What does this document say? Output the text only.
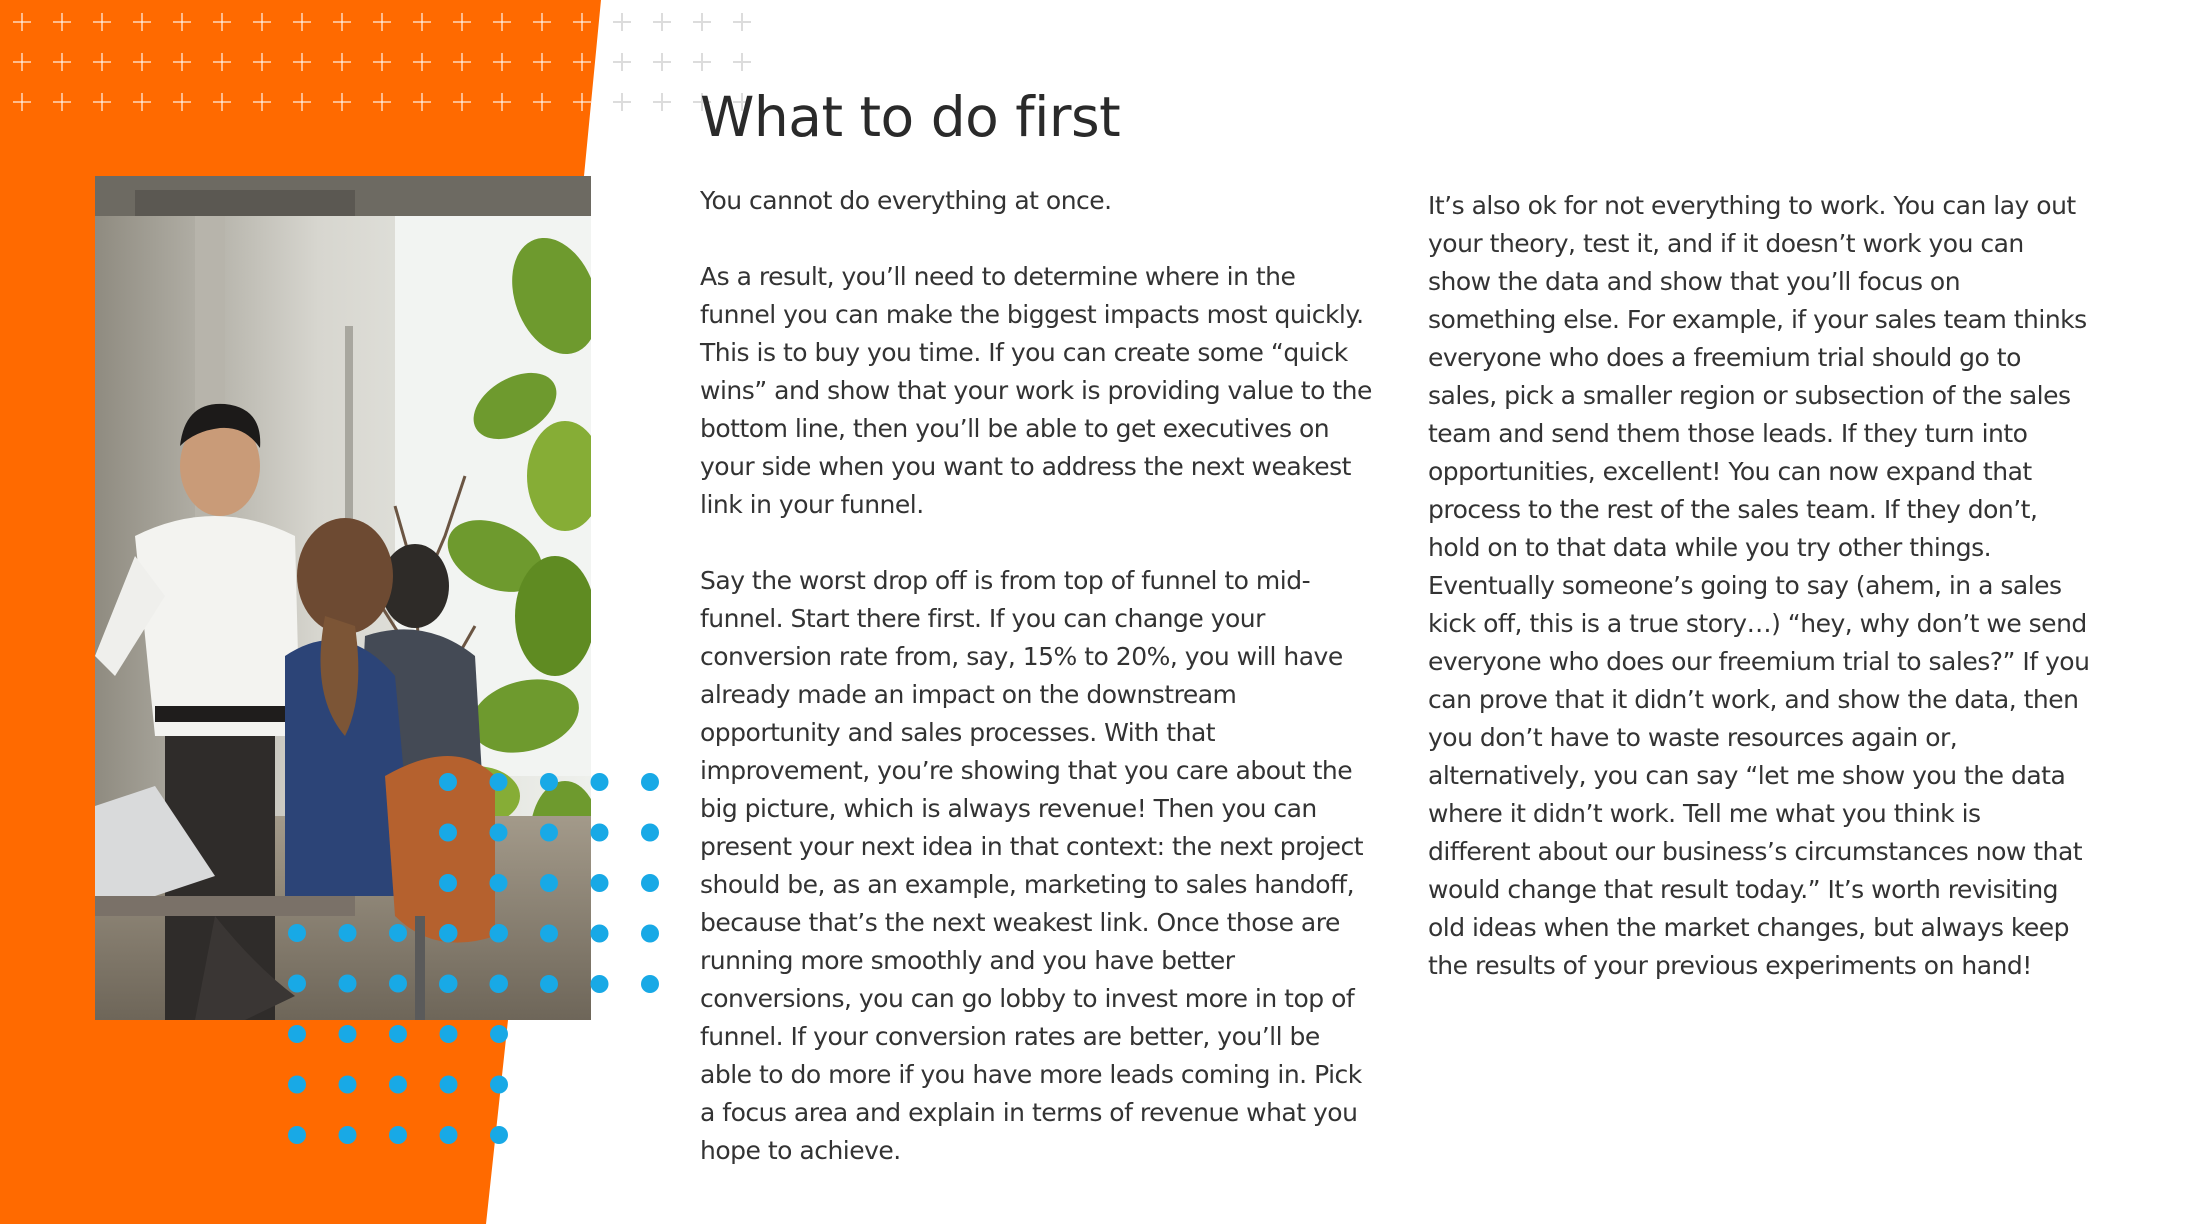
What to do first

You cannot do everything at once.

As a result, you’ll need to determine where in the funnel you can make the biggest impacts most quickly. This is to buy you time. If you can create some “quick wins” and show that your work is providing value to the bottom line, then you’ll be able to get executives on your side when you want to address the next weakest link in your funnel.

Say the worst drop off is from top of funnel to mid-funnel. Start there first. If you can change your conversion rate from, say, 15% to 20%, you will have already made an impact on the downstream opportunity and sales processes. With that improvement, you’re showing that you care about the big picture, which is always revenue! Then you can present your next idea in that context: the next project should be, as an example, marketing to sales handoff, because that’s the next weakest link. Once those are running more smoothly and you have better conversions, you can go lobby to invest more in top of funnel. If your conversion rates are better, you’ll be able to do more if you have more leads coming in. Pick a focus area and explain in terms of revenue what you hope to achieve.

It’s also ok for not everything to work. You can lay out your theory, test it, and if it doesn’t work you can show the data and show that you’ll focus on something else. For example, if your sales team thinks everyone who does a freemium trial should go to sales, pick a smaller region or subsection of the sales team and send them those leads. If they turn into opportunities, excellent! You can now expand that process to the rest of the sales team. If they don’t, hold on to that data while you try other things. Eventually someone’s going to say (ahem, in a sales kick off, this is a true story…) “hey, why don’t we send everyone who does our freemium trial to sales?” If you can prove that it didn’t work, and show the data, then you don’t have to waste resources again or, alternatively, you can say “let me show you the data where it didn’t work. Tell me what you think is different about our business’s circumstances now that would change that result today.” It’s worth revisiting old ideas when the market changes, but always keep the results of your previous experiments on hand!
